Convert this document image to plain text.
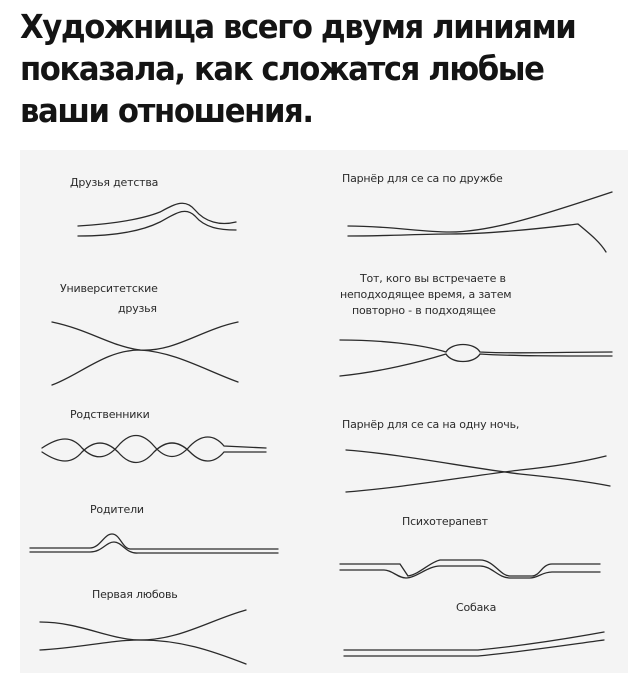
Художница всего двумя линиями
показала, как сложатся любые
ваши отношения.
Друзья детства
Университетские
друзья
Родственники
Родители
Первая любовь
Парнёр для се⁠ са по дружбе
Тот, кого вы встречаете в
неподходящее время, а затем
повторно - в подходящее
Парнёр для се⁠ са на одну ночь,
Психотерапевт
Собака
